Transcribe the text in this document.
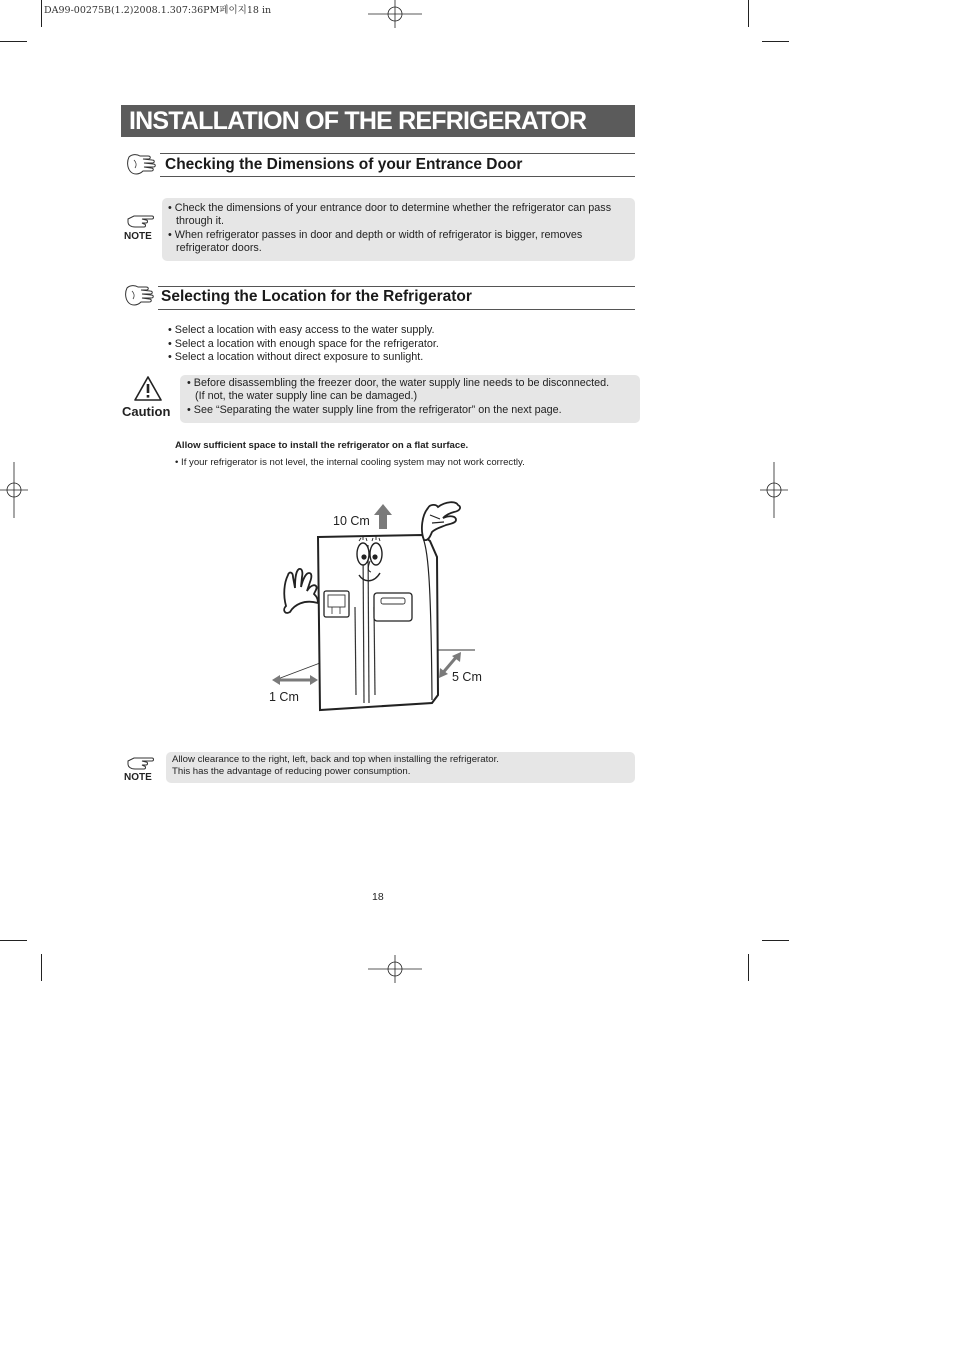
DA99-00275B(1.2)2008.1.307:36PM페이지18 in
INSTALLATION OF THE REFRIGERATOR
Checking the Dimensions of your Entrance Door
NOTE

• Check the dimensions of your entrance door to determine whether the refrigerator can pass

through it.

• When refrigerator passes in door and depth or width of refrigerator is bigger, removes

refrigerator doors.

Selecting the Location for the Refrigerator

• Select a location with easy access to the water supply.

• Select a location with enough space for the refrigerator.

• Select a location without direct exposure to sunlight.

Caution

• Before disassembling the freezer door, the water supply line needs to be disconnected.

(If not, the water supply line can be damaged.)

• See “Separating the water supply line from the refrigerator” on the next page.

Allow sufficient space to install the refrigerator on a flat surface.
• If your refrigerator is not level, the internal cooling system may not work correctly.
10 Cm
1 Cm
5 Cm
NOTE

Allow clearance to the right, left, back and top when installing the refrigerator.

This has the advantage of reducing power consumption.

18
